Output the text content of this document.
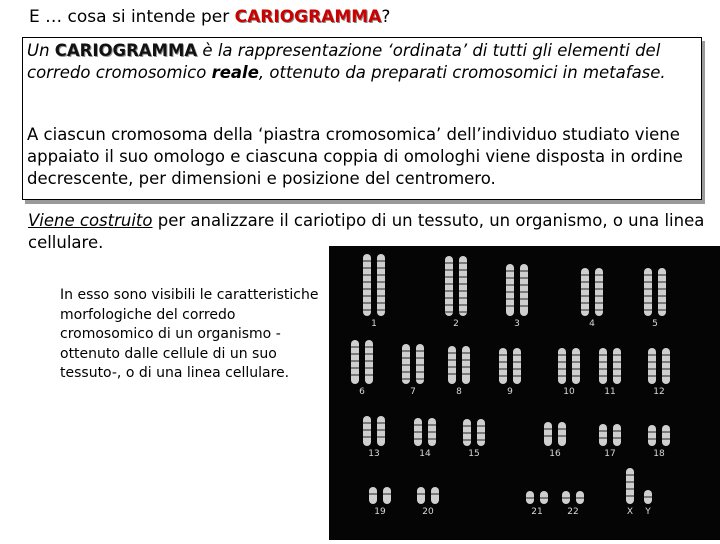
E … cosa si intende per CARIOGRAMMA?
Un CARIOGRAMMA è la rappresentazione ‘ordinata’ di tutti gli elementi del corredo cromosomico reale, ottenuto da preparati cromosomici in metafase.
A ciascun cromosoma della ‘piastra cromosomica’ dell’individuo studiato viene appaiato il suo omologo e ciascuna coppia di omologhi viene disposta in ordine decrescente, per dimensioni e posizione del centromero.
Viene costruito per analizzare il cariotipo di un tessuto, un organismo, o una linea cellulare.
In esso sono visibili le caratteristiche morfologiche del corredo cromosomico di un organismo -ottenuto dalle cellule di un suo tessuto-, o di una linea cellulare.
1	2	3	4	5
6	7	8	9	10	11	12
13	14	15	16	17	18
19	20	21	22	X Y
